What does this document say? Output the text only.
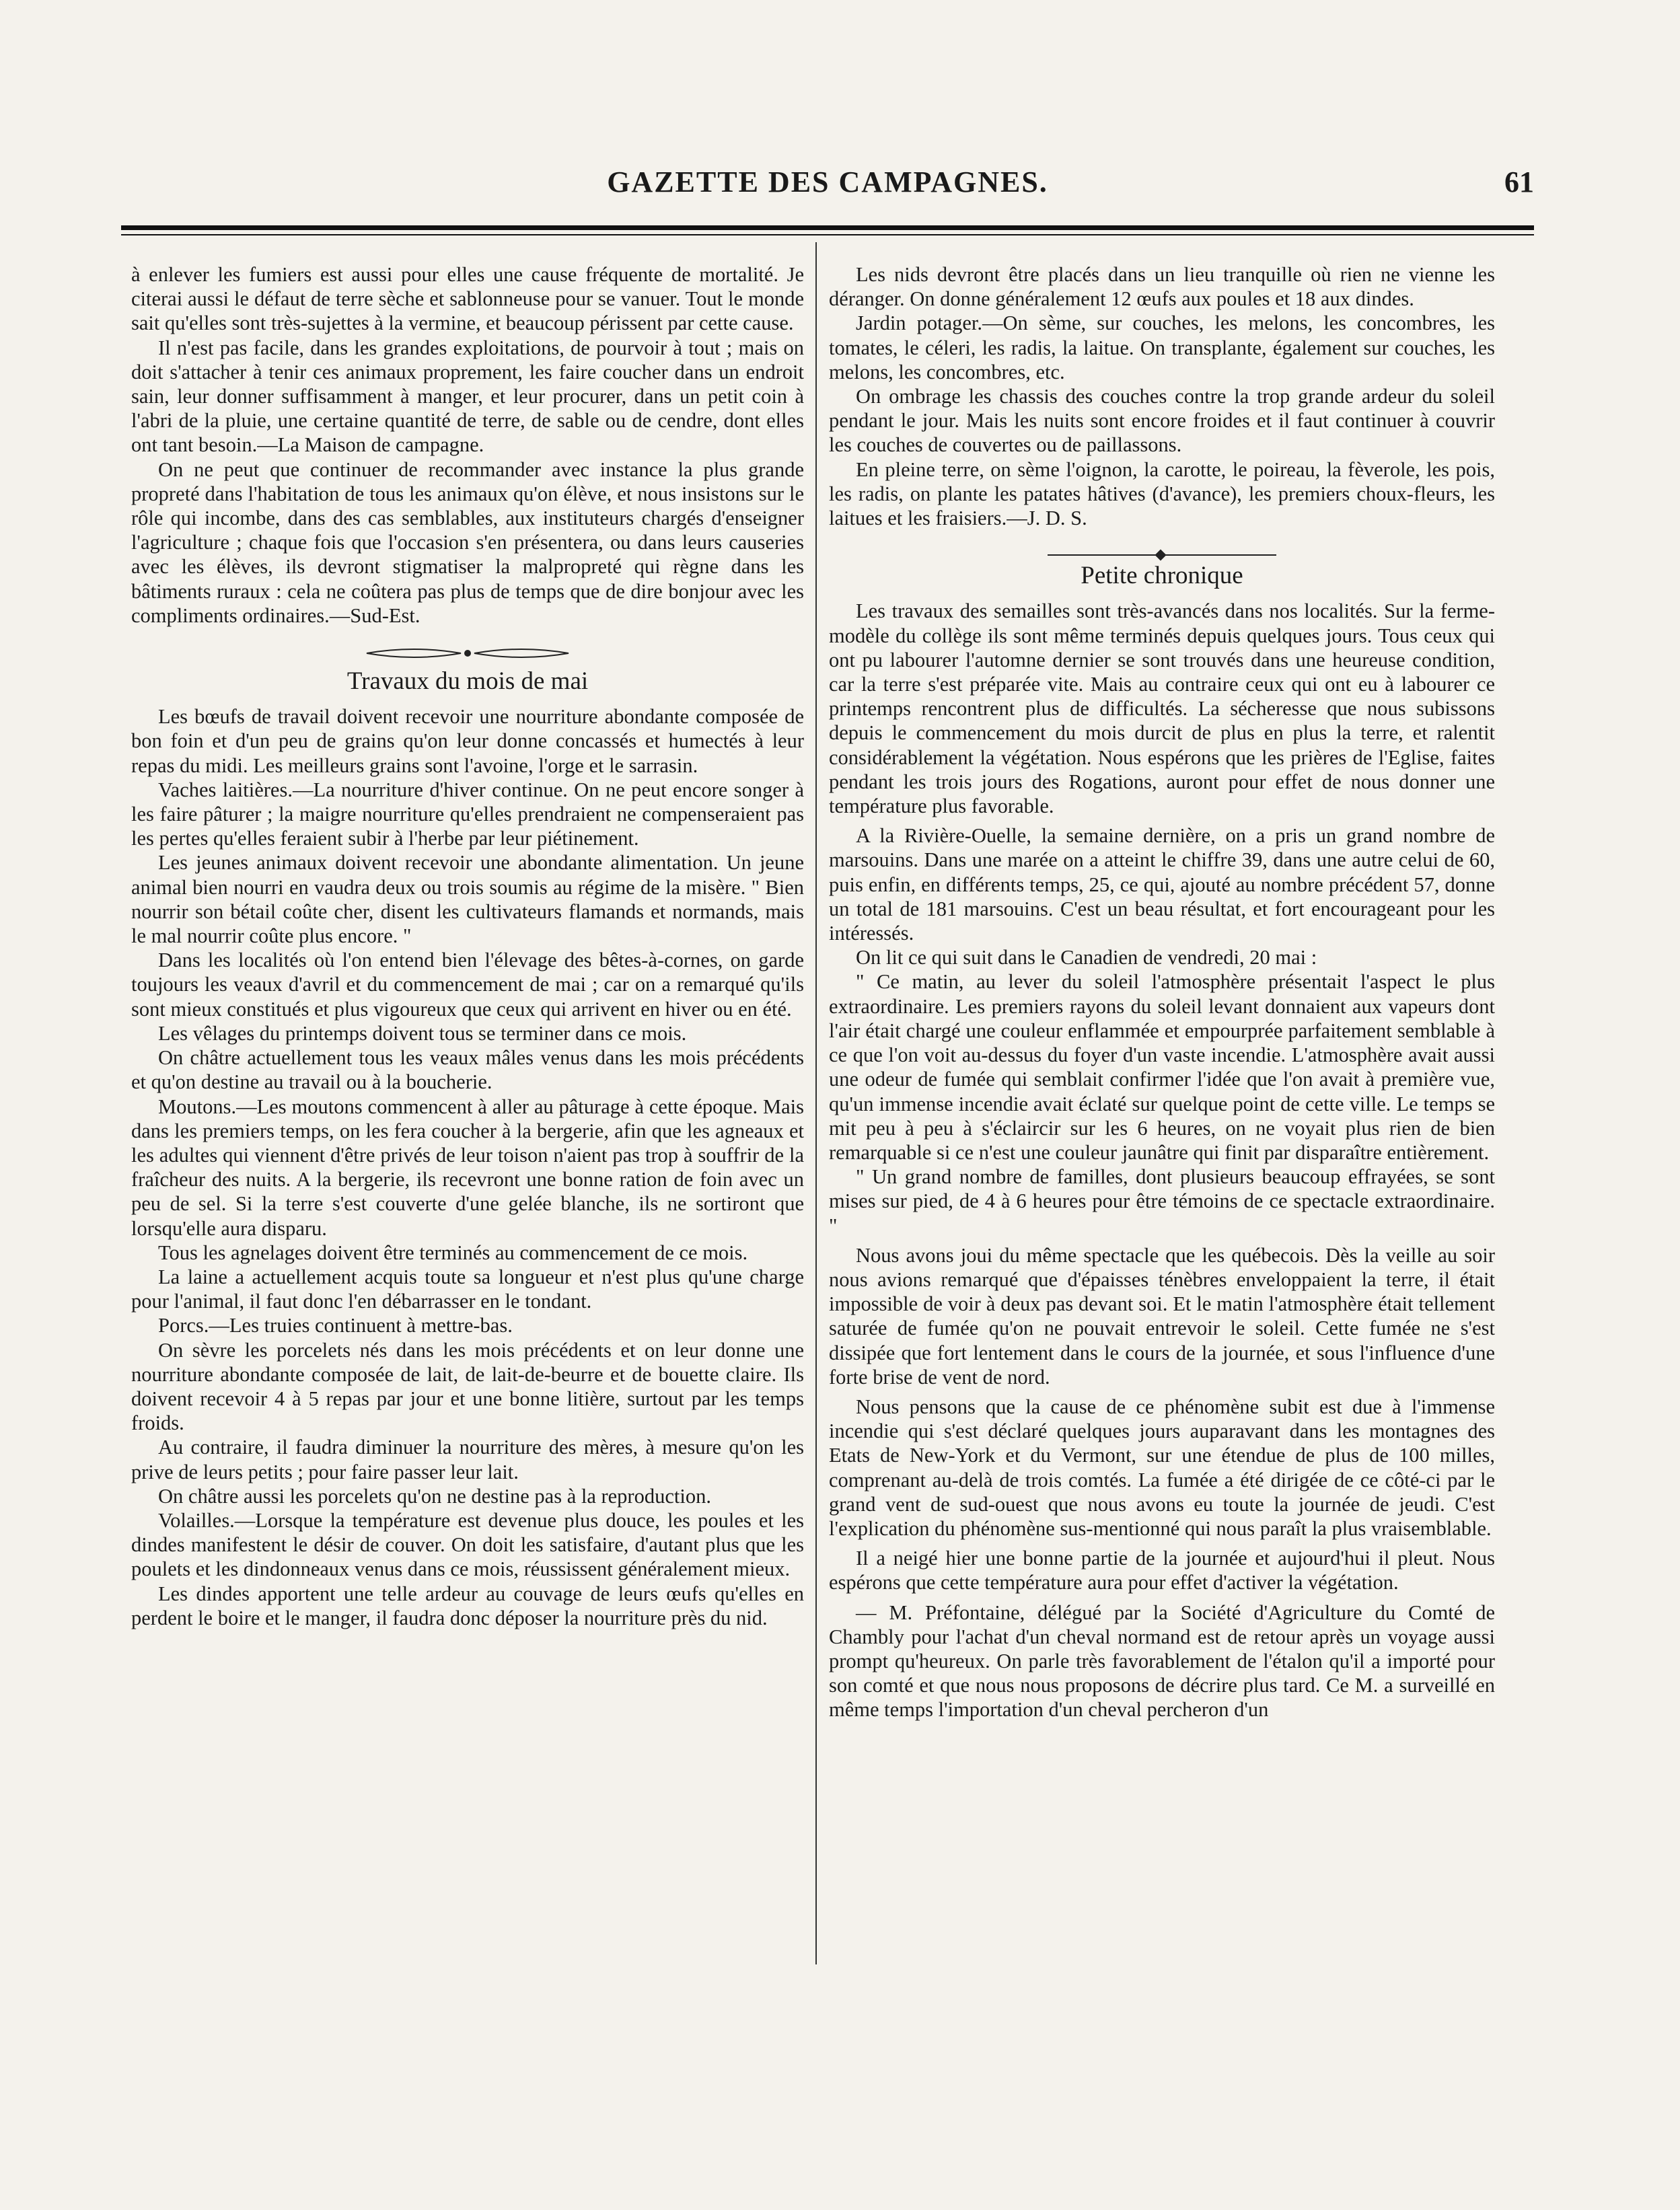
GAZETTE DES CAMPAGNES.	61

à enlever les fumiers est aussi pour elles une cause fréquente de mortalité. Je citerai aussi le défaut de terre sèche et sablonneuse pour se vanuer. Tout le monde sait qu'elles sont très-sujettes à la vermine, et beaucoup périssent par cette cause.

Il n'est pas facile, dans les grandes exploitations, de pourvoir à tout ; mais on doit s'attacher à tenir ces animaux proprement, les faire coucher dans un endroit sain, leur donner suffisamment à manger, et leur procurer, dans un petit coin à l'abri de la pluie, une certaine quantité de terre, de sable ou de cendre, dont elles ont tant besoin.—La Maison de campagne.

On ne peut que continuer de recommander avec instance la plus grande propreté dans l'habitation de tous les animaux qu'on élève, et nous insistons sur le rôle qui incombe, dans des cas semblables, aux instituteurs chargés d'enseigner l'agriculture ; chaque fois que l'occasion s'en présentera, ou dans leurs causeries avec les élèves, ils devront stigmatiser la malpropreté qui règne dans les bâtiments ruraux : cela ne coûtera pas plus de temps que de dire bonjour avec les compliments ordinaires.—Sud-Est.

Travaux du mois de mai

Les bœufs de travail doivent recevoir une nourriture abondante composée de bon foin et d'un peu de grains qu'on leur donne concassés et humectés à leur repas du midi. Les meilleurs grains sont l'avoine, l'orge et le sarrasin.

Vaches laitières.—La nourriture d'hiver continue. On ne peut encore songer à les faire pâturer ; la maigre nourriture qu'elles prendraient ne compenseraient pas les pertes qu'elles feraient subir à l'herbe par leur piétinement.

Les jeunes animaux doivent recevoir une abondante alimentation. Un jeune animal bien nourri en vaudra deux ou trois soumis au régime de la misère. " Bien nourrir son bétail coûte cher, disent les cultivateurs flamands et normands, mais le mal nourrir coûte plus encore. "

Dans les localités où l'on entend bien l'élevage des bêtes-à-cornes, on garde toujours les veaux d'avril et du commencement de mai ; car on a remarqué qu'ils sont mieux constitués et plus vigoureux que ceux qui arrivent en hiver ou en été.

Les vêlages du printemps doivent tous se terminer dans ce mois.

On châtre actuellement tous les veaux mâles venus dans les mois précédents et qu'on destine au travail ou à la boucherie.

Moutons.—Les moutons commencent à aller au pâturage à cette époque. Mais dans les premiers temps, on les fera coucher à la bergerie, afin que les agneaux et les adultes qui viennent d'être privés de leur toison n'aient pas trop à souffrir de la fraîcheur des nuits. A la bergerie, ils recevront une bonne ration de foin avec un peu de sel. Si la terre s'est couverte d'une gelée blanche, ils ne sortiront que lorsqu'elle aura disparu.

Tous les agnelages doivent être terminés au commencement de ce mois.

La laine a actuellement acquis toute sa longueur et n'est plus qu'une charge pour l'animal, il faut donc l'en débarrasser en le tondant.

Porcs.—Les truies continuent à mettre-bas.

On sèvre les porcelets nés dans les mois précédents et on leur donne une nourriture abondante composée de lait, de lait-de-beurre et de bouette claire. Ils doivent recevoir 4 à 5 repas par jour et une bonne litière, surtout par les temps froids.

Au contraire, il faudra diminuer la nourriture des mères, à mesure qu'on les prive de leurs petits ; pour faire passer leur lait.

On châtre aussi les porcelets qu'on ne destine pas à la reproduction.

Volailles.—Lorsque la température est devenue plus douce, les poules et les dindes manifestent le désir de couver. On doit les satisfaire, d'autant plus que les poulets et les dindonneaux venus dans ce mois, réussissent généralement mieux.

Les dindes apportent une telle ardeur au couvage de leurs œufs qu'elles en perdent le boire et le manger, il faudra donc déposer la nourriture près du nid.

Les nids devront être placés dans un lieu tranquille où rien ne vienne les déranger. On donne généralement 12 œufs aux poules et 18 aux dindes.

Jardin potager.—On sème, sur couches, les melons, les concombres, les tomates, le céleri, les radis, la laitue. On transplante, également sur couches, les melons, les concombres, etc.

On ombrage les chassis des couches contre la trop grande ardeur du soleil pendant le jour. Mais les nuits sont encore froides et il faut continuer à couvrir les couches de couvertes ou de paillassons.

En pleine terre, on sème l'oignon, la carotte, le poireau, la fèverole, les pois, les radis, on plante les patates hâtives (d'avance), les premiers choux-fleurs, les laitues et les fraisiers.—J. D. S.

Petite chronique

Les travaux des semailles sont très-avancés dans nos localités. Sur la ferme-modèle du collège ils sont même terminés depuis quelques jours. Tous ceux qui ont pu labourer l'automne dernier se sont trouvés dans une heureuse condition, car la terre s'est préparée vite. Mais au contraire ceux qui ont eu à labourer ce printemps rencontrent plus de difficultés. La sécheresse que nous subissons depuis le commencement du mois durcit de plus en plus la terre, et ralentit considérablement la végétation. Nous espérons que les prières de l'Eglise, faites pendant les trois jours des Rogations, auront pour effet de nous donner une température plus favorable.

A la Rivière-Ouelle, la semaine dernière, on a pris un grand nombre de marsouins. Dans une marée on a atteint le chiffre 39, dans une autre celui de 60, puis enfin, en différents temps, 25, ce qui, ajouté au nombre précédent 57, donne un total de 181 marsouins. C'est un beau résultat, et fort encourageant pour les intéressés.

On lit ce qui suit dans le Canadien de vendredi, 20 mai :

" Ce matin, au lever du soleil l'atmosphère présentait l'aspect le plus extraordinaire. Les premiers rayons du soleil levant donnaient aux vapeurs dont l'air était chargé une couleur enflammée et empourprée parfaitement semblable à ce que l'on voit au-dessus du foyer d'un vaste incendie. L'atmosphère avait aussi une odeur de fumée qui semblait confirmer l'idée que l'on avait à première vue, qu'un immense incendie avait éclaté sur quelque point de cette ville. Le temps se mit peu à peu à s'éclaircir sur les 6 heures, on ne voyait plus rien de bien remarquable si ce n'est une couleur jaunâtre qui finit par disparaître entièrement.

" Un grand nombre de familles, dont plusieurs beaucoup effrayées, se sont mises sur pied, de 4 à 6 heures pour être témoins de ce spectacle extraordinaire. "

Nous avons joui du même spectacle que les québecois. Dès la veille au soir nous avions remarqué que d'épaisses ténèbres enveloppaient la terre, il était impossible de voir à deux pas devant soi. Et le matin l'atmosphère était tellement saturée de fumée qu'on ne pouvait entrevoir le soleil. Cette fumée ne s'est dissipée que fort lentement dans le cours de la journée, et sous l'influence d'une forte brise de vent de nord.

Nous pensons que la cause de ce phénomène subit est due à l'immense incendie qui s'est déclaré quelques jours auparavant dans les montagnes des Etats de New-York et du Vermont, sur une étendue de plus de 100 milles, comprenant au-delà de trois comtés. La fumée a été dirigée de ce côté-ci par le grand vent de sud-ouest que nous avons eu toute la journée de jeudi. C'est l'explication du phénomène sus-mentionné qui nous paraît la plus vraisemblable.

Il a neigé hier une bonne partie de la journée et aujourd'hui il pleut. Nous espérons que cette température aura pour effet d'activer la végétation.

— M. Préfontaine, délégué par la Société d'Agriculture du Comté de Chambly pour l'achat d'un cheval normand est de retour après un voyage aussi prompt qu'heureux. On parle très favorablement de l'étalon qu'il a importé pour son comté et que nous nous proposons de décrire plus tard. Ce M. a surveillé en même temps l'importation d'un cheval percheron d'un
